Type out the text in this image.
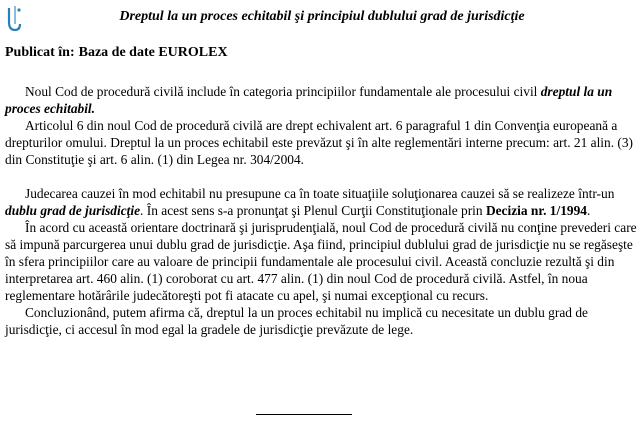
Dreptul la un proces echitabil şi principiul dublului grad de jurisdicţie
Publicat în: Baza de date EUROLEX

Noul Cod de procedură civilă include în categoria principiilor fundamentale ale procesului civil dreptul la un proces echitabil.

Articolul 6 din noul Cod de procedură civilă are drept echivalent art. 6 paragraful 1 din Convenţia europeană a drepturilor omului. Dreptul la un proces echitabil este prevăzut şi în alte reglementări interne precum: art. 21 alin. (3) din Constituţie şi art. 6 alin. (1) din Legea nr. 304/2004.

Judecarea cauzei în mod echitabil nu presupune ca în toate situaţiile soluţionarea cauzei să se realizeze într-un dublu grad de jurisdicţie. În acest sens s-a pronunţat şi Plenul Curţii Constituţionale prin Decizia nr. 1/1994.

În acord cu această orientare doctrinară şi jurisprudenţială, noul Cod de procedură civilă nu conţine prevederi care să impună parcurgerea unui dublu grad de jurisdicţie. Aşa fiind, principiul dublului grad de jurisdicţie nu se regăseşte în sfera principiilor care au valoare de principii fundamentale ale procesului civil. Această concluzie rezultă şi din interpretarea art. 460 alin. (1) coroborat cu art. 477 alin. (1) din noul Cod de procedură civilă. Astfel, în noua reglementare hotărârile judecătoreşti pot fi atacate cu apel, şi numai excepţional cu recurs.

Concluzionând, putem afirma că, dreptul la un proces echitabil nu implică cu necesitate un dublu grad de jurisdicţie, ci accesul în mod egal la gradele de jurisdicţie prevăzute de lege.
